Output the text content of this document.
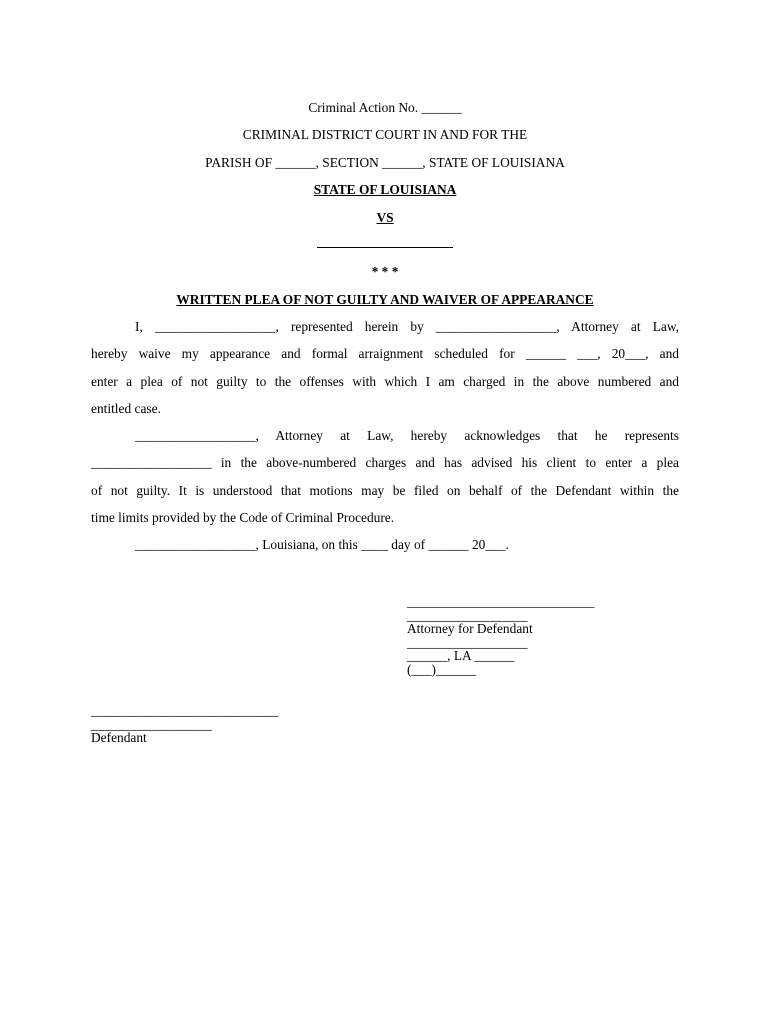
Criminal Action No. ______
CRIMINAL DISTRICT COURT IN AND FOR THE
PARISH OF ______, SECTION ______, STATE OF LOUISIANA
STATE OF LOUISIANA
VS
* * *
WRITTEN PLEA OF NOT GUILTY AND WAIVER OF APPEARANCE
I, __________________, represented herein by __________________, Attorney at Law,
hereby waive my appearance and formal arraignment scheduled for ______ ___, 20___, and
enter a plea of not guilty to the offenses with which I am charged in the above numbered and
entitled case.
__________________, Attorney at Law, hereby acknowledges that he represents
__________________ in the above-numbered charges and has advised his client to enter a plea
of not guilty. It is understood that motions may be filed on behalf of the Defendant within the
time limits provided by the Code of Criminal Procedure.
__________________, Louisiana, on this ____ day of ______ 20___.
____________________________
__________________
Attorney for Defendant
__________________
______, LA ______
(___)______
____________________________
__________________
Defendant
